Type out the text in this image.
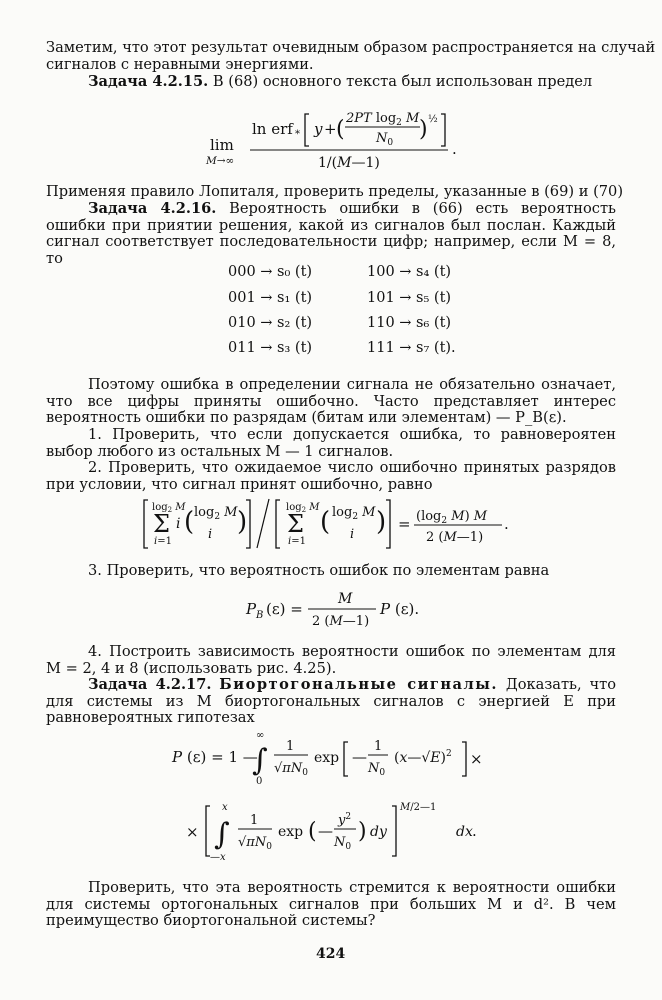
Заметим, что этот результат очевидным образом распространяется на случай
сигналов с неравными энергиями.
Задача 4.2.15. В (68) основного текста был использован предел
lim
M→∞
ln erf * y + ( 2PT $\log_2 M$
$N_0$
) ½
1/(M—1)
.
Применяя правило Лопиталя, проверить пределы, указанные в (69) и (70)
Задача 4.2.16. Вероятность ошибки в (66) есть вероятность ошибки при приятии решения, какой из сигналов был послан. Каждый сигнал соответствует последовательности цифр; например, если M = 8, то
000 → s₀ (t)
001 → s₁ (t)
010 → s₂ (t)
011 → s₃ (t)
100 → s₄ (t)
101 → s₅ (t)
110 → s₆ (t)
111 → s₇ (t).
Поэтому ошибка в определении сигнала не обязательно означает, что все цифры приняты ошибочно. Часто представляет интерес вероятность ошибки по разрядам (битам или элементам) — P_B(ε).
1. Проверить, что если допускается ошибка, то равновероятен выбор любого из остальных M — 1 сигналов.
2. Проверить, что ожидаемое число ошибочно принятых разрядов при условии, что сигнал принят ошибочно, равно
$\log_2 M$
Σ
i=1
i ( $\log_2 M$
i )	$\log_2 M$
Σ
i=1
( $\log_2 M$
i ) = ($\log_2$ M) M
2 (M—1)
.
3. Проверить, что вероятность ошибок по элементам равна
P B (ε) =
M
2 (M—1)
P (ε).
4. Построить зависимость вероятности ошибок по элементам для M = 2, 4 и 8 (использовать рис. 4.25).
Задача 4.2.17. Биортогональные сигналы. Доказать, что для системы из M биортогональных сигналов с энергией E при равновероятных гипотезах
P (ε) = 1 —
∫
∞
0
1
$√\pi N_0$
exp —
1
$N_0$
(x—√E)$^2$ ×
× ∫
x
—x
1
$√\pi N_0$
exp ( —
$y^2$
$N_0$
) dy
M/2—1
dx .
Проверить, что эта вероятность стремится к вероятности ошибки для системы ортогональных сигналов при больших M и d². В чем преимущество биортогональной системы?
424
